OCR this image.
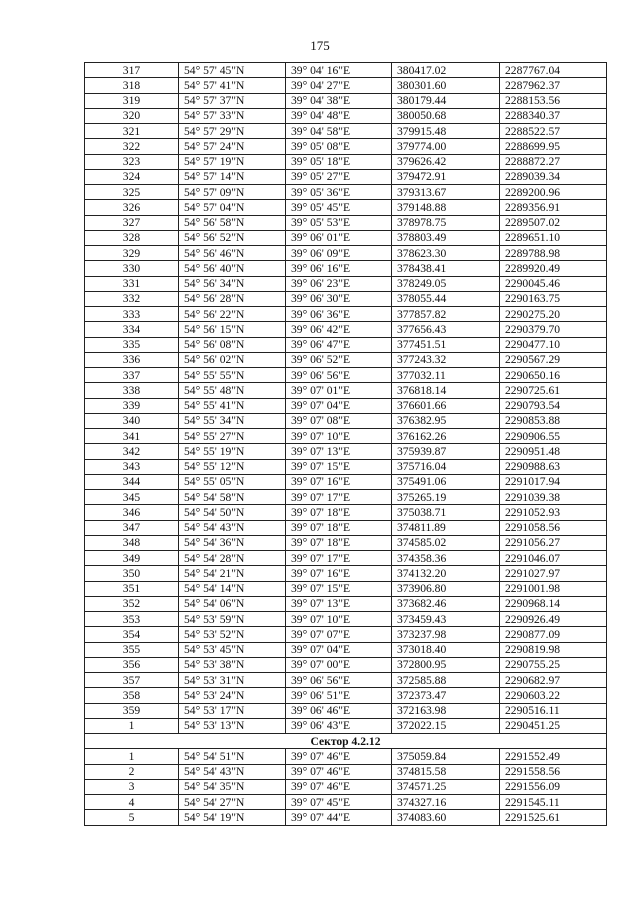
175
317	54° 57' 45"N	39° 04' 16"E	380417.02	2287767.04
318	54° 57' 41"N	39° 04' 27"E	380301.60	2287962.37
319	54° 57' 37"N	39° 04' 38"E	380179.44	2288153.56
320	54° 57' 33"N	39° 04' 48"E	380050.68	2288340.37
321	54° 57' 29"N	39° 04' 58"E	379915.48	2288522.57
322	54° 57' 24"N	39° 05' 08"E	379774.00	2288699.95
323	54° 57' 19"N	39° 05' 18"E	379626.42	2288872.27
324	54° 57' 14"N	39° 05' 27"E	379472.91	2289039.34
325	54° 57' 09"N	39° 05' 36"E	379313.67	2289200.96
326	54° 57' 04"N	39° 05' 45"E	379148.88	2289356.91
327	54° 56' 58"N	39° 05' 53"E	378978.75	2289507.02
328	54° 56' 52"N	39° 06' 01"E	378803.49	2289651.10
329	54° 56' 46"N	39° 06' 09"E	378623.30	2289788.98
330	54° 56' 40"N	39° 06' 16"E	378438.41	2289920.49
331	54° 56' 34"N	39° 06' 23"E	378249.05	2290045.46
332	54° 56' 28"N	39° 06' 30"E	378055.44	2290163.75
333	54° 56' 22"N	39° 06' 36"E	377857.82	2290275.20
334	54° 56' 15"N	39° 06' 42"E	377656.43	2290379.70
335	54° 56' 08"N	39° 06' 47"E	377451.51	2290477.10
336	54° 56' 02"N	39° 06' 52"E	377243.32	2290567.29
337	54° 55' 55"N	39° 06' 56"E	377032.11	2290650.16
338	54° 55' 48"N	39° 07' 01"E	376818.14	2290725.61
339	54° 55' 41"N	39° 07' 04"E	376601.66	2290793.54
340	54° 55' 34"N	39° 07' 08"E	376382.95	2290853.88
341	54° 55' 27"N	39° 07' 10"E	376162.26	2290906.55
342	54° 55' 19"N	39° 07' 13"E	375939.87	2290951.48
343	54° 55' 12"N	39° 07' 15"E	375716.04	2290988.63
344	54° 55' 05"N	39° 07' 16"E	375491.06	2291017.94
345	54° 54' 58"N	39° 07' 17"E	375265.19	2291039.38
346	54° 54' 50"N	39° 07' 18"E	375038.71	2291052.93
347	54° 54' 43"N	39° 07' 18"E	374811.89	2291058.56
348	54° 54' 36"N	39° 07' 18"E	374585.02	2291056.27
349	54° 54' 28"N	39° 07' 17"E	374358.36	2291046.07
350	54° 54' 21"N	39° 07' 16"E	374132.20	2291027.97
351	54° 54' 14"N	39° 07' 15"E	373906.80	2291001.98
352	54° 54' 06"N	39° 07' 13"E	373682.46	2290968.14
353	54° 53' 59"N	39° 07' 10"E	373459.43	2290926.49
354	54° 53' 52"N	39° 07' 07"E	373237.98	2290877.09
355	54° 53' 45"N	39° 07' 04"E	373018.40	2290819.98
356	54° 53' 38"N	39° 07' 00"E	372800.95	2290755.25
357	54° 53' 31"N	39° 06' 56"E	372585.88	2290682.97
358	54° 53' 24"N	39° 06' 51"E	372373.47	2290603.22
359	54° 53' 17"N	39° 06' 46"E	372163.98	2290516.11
1	54° 53' 13"N	39° 06' 43"E	372022.15	2290451.25
Сектор 4.2.12				
1	54° 54' 51"N	39° 07' 46"E	375059.84	2291552.49
2	54° 54' 43"N	39° 07' 46"E	374815.58	2291558.56
3	54° 54' 35"N	39° 07' 46"E	374571.25	2291556.09
4	54° 54' 27"N	39° 07' 45"E	374327.16	2291545.11
5	54° 54' 19"N	39° 07' 44"E	374083.60	2291525.61
